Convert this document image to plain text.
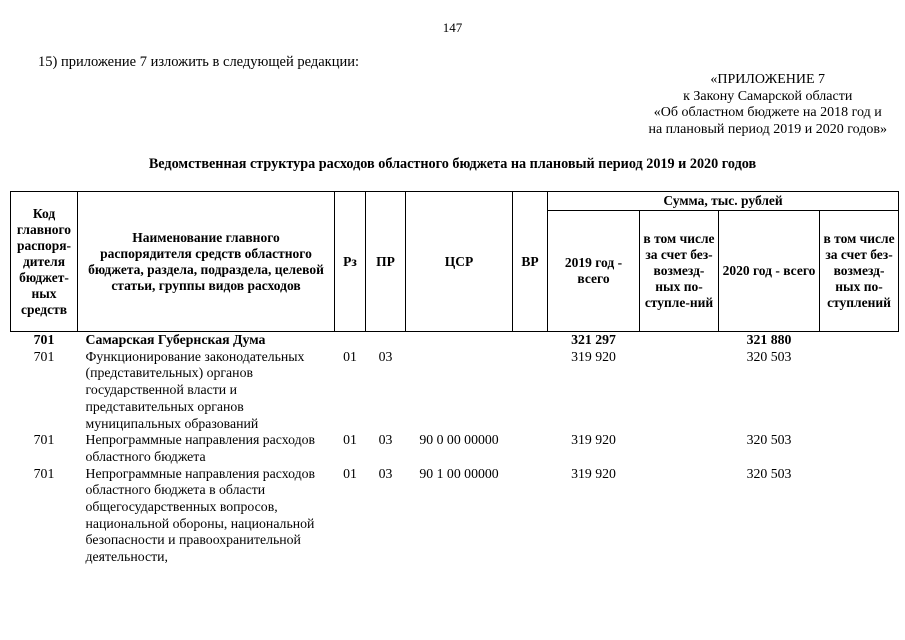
147
15) приложение 7 изложить в следующей редакции:
«ПРИЛОЖЕНИЕ 7
к Закону Самарской области
«Об областном бюджете на 2018 год и
на плановый период 2019 и 2020 годов»
Ведомственная структура расходов областного бюджета на плановый период 2019 и 2020 годов
Код главного распоря-дителя бюджет-ных средств	Наименование главного распорядителя средств областного бюджета, раздела, подраздела, целевой статьи, группы видов расходов	Рз	ПР	ЦСР	ВР	Сумма, тыс. рублей			
						2019 год - всего	в том числе за счет без-возмезд-ных по-ступле-ний	2020 год - всего	в том числе за счет без-возмезд-ных по-ступлений
701	Самарская Губернская Дума					321 297		321 880	
701	Функционирование законодательных (представительных) органов государственной власти и представительных органов муниципальных образований	01	03			319 920		320 503	
701	Непрограммные направления расходов областного бюджета	01	03	90 0 00 00000		319 920		320 503	
701	Непрограммные направления расходов областного бюджета в области общегосударственных вопросов, национальной обороны, национальной безопасности и правоохранительной деятельности,	01	03	90 1 00 00000		319 920		320 503	
